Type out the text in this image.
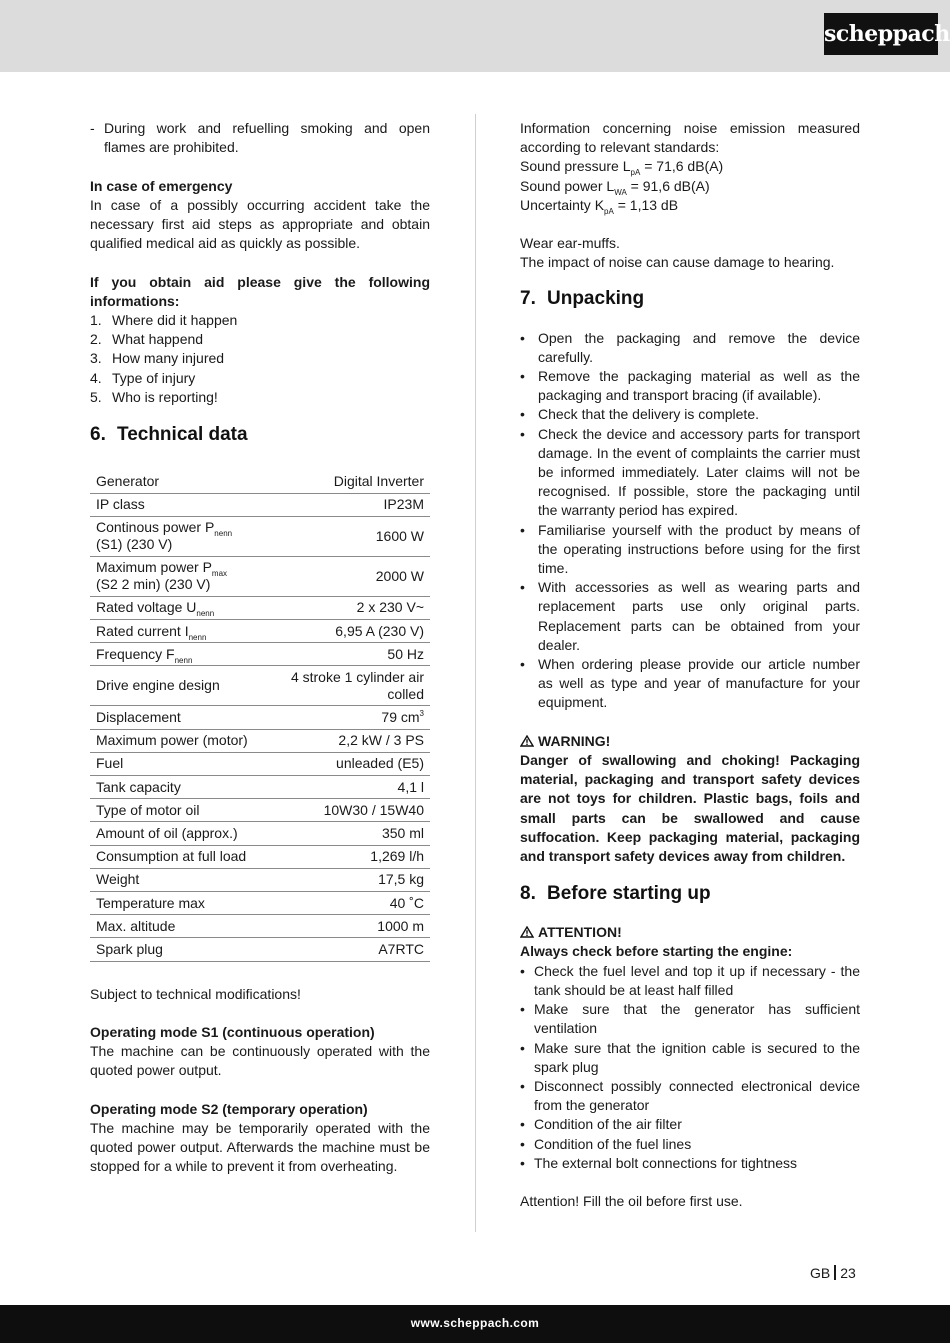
scheppach
- During work and refuelling smoking and open flames are prohibited.
In case of emergency
In case of a possibly occurring accident take the necessary first aid steps as appropriate and obtain qualified medical aid as quickly as possible.
If you obtain aid please give the following informations:
1. Where did it happen
2. What happend
3. How many injured
4. Type of injury
5. Who is reporting!
6. Technical data
Generator	Digital Inverter
IP class	IP23M
Continous power $P_{nenn}$
(S1) (230 V)	1600 W
Maximum power $P_{max}$
(S2 2 min) (230 V)	2000 W
Rated voltage $U_{nenn}$	2 x 230 V~
Rated current $I_{nenn}$	6,95 A (230 V)
Frequency $F_{nenn}$	50 Hz
Drive engine design	4 stroke 1 cylinder air
colled
Displacement	79 $cm^3$
Maximum power (motor)	2,2 kW / 3 PS
Fuel	unleaded (E5)
Tank capacity	4,1 l
Type of motor oil	10W30 / 15W40
Amount of oil (approx.)	350 ml
Consumption at full load	1,269 l/h
Weight	17,5 kg
Temperature max	40 ˚C
Max. altitude	1000 m
Spark plug	A7RTC
Subject to technical modifications!
Operating mode S1 (continuous operation)
The machine can be continuously operated with the quoted power output.
Operating mode S2 (temporary operation)
The machine may be temporarily operated with the quoted power output. Afterwards the machine must be stopped for a while to prevent it from overheating.
Information concerning noise emission measured according to relevant standards:
Sound pressure $L_{pA} = 71,6$ dB(A)
Sound power $L_{WA} = 91,6$ dB(A)
Uncertainty $K_{pA} = 1,13$ dB
Wear ear-muffs.
The impact of noise can cause damage to hearing.
7. Unpacking
• Open the packaging and remove the device carefully.
• Remove the packaging material as well as the packaging and transport bracing (if available).
• Check that the delivery is complete.
• Check the device and accessory parts for transport damage. In the event of complaints the carrier must be informed immediately. Later claims will not be recognised. If possible, store the packaging until the warranty period has expired.
• Familiarise yourself with the product by means of the operating instructions before using for the first time.
• With accessories as well as wearing parts and replacement parts use only original parts. Replacement parts can be obtained from your dealer.
• When ordering please provide our article number as well as type and year of manufacture for your equipment.
WARNING!
Danger of swallowing and choking! Packaging material, packaging and transport safety devices are not toys for children. Plastic bags, foils and small parts can be swallowed and cause suffocation. Keep packaging material, packaging and transport safety devices away from children.
8. Before starting up
ATTENTION!
Always check before starting the engine:
• Check the fuel level and top it up if necessary - the tank should be at least half filled
• Make sure that the generator has sufficient ventilation
• Make sure that the ignition cable is secured to the spark plug
• Disconnect possibly connected electronical device from the generator
• Condition of the air filter
• Condition of the fuel lines
• The external bolt connections for tightness
Attention! Fill the oil before first use.
GB 23
www.scheppach.com
